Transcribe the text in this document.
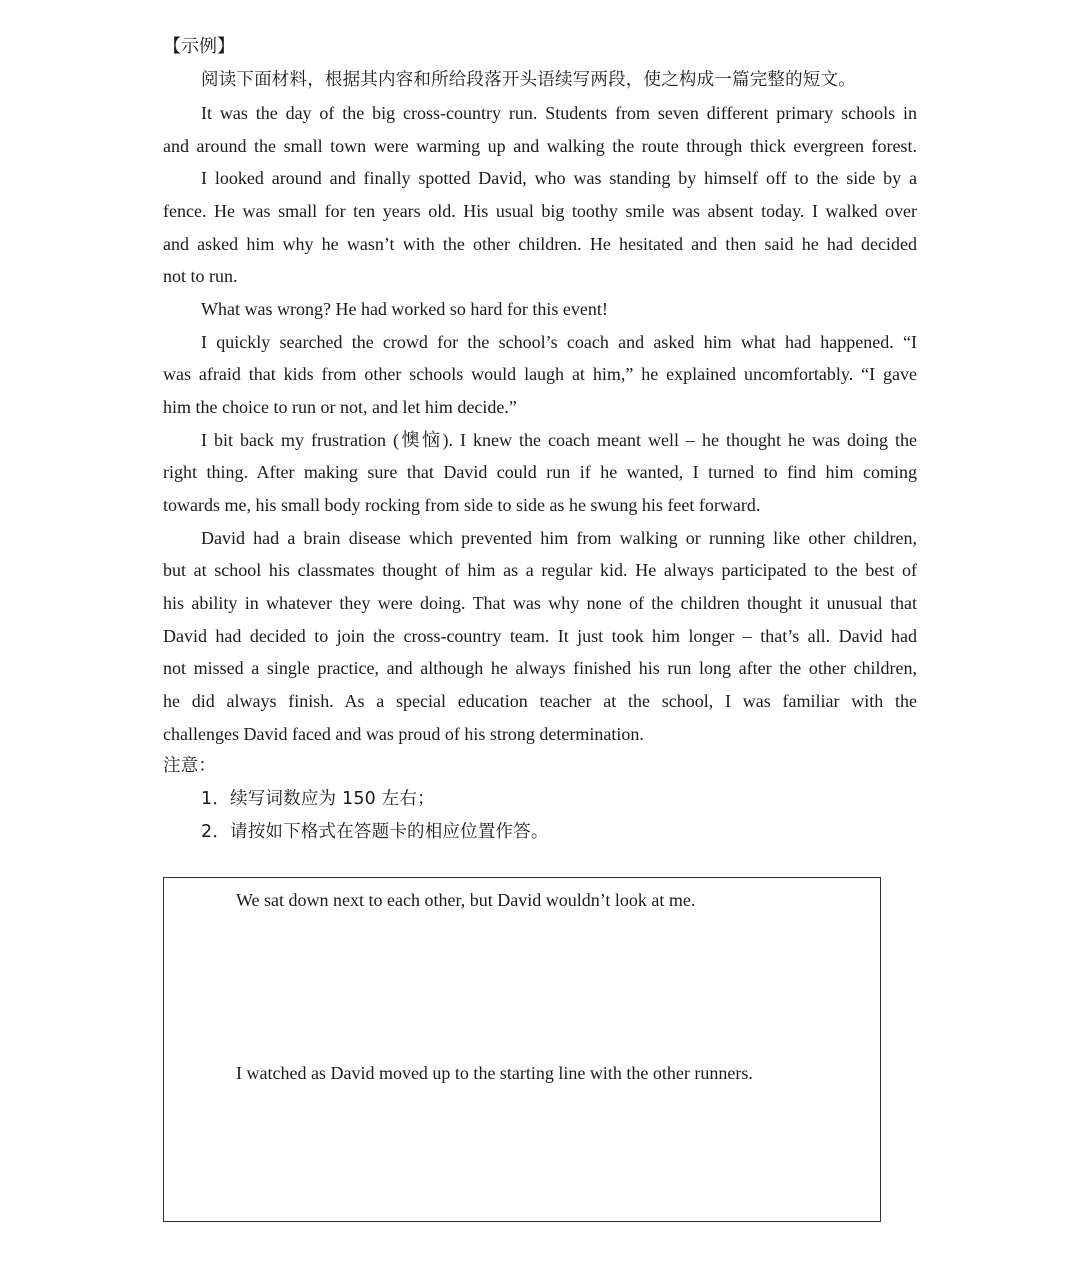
【示例】
阅读下面材料，根据其内容和所给段落开头语续写两段，使之构成一篇完整的短文。
It was the day of the big cross-country run. Students from seven different primary schools in
and around the small town were warming up and walking the route through thick evergreen forest.
I looked around and finally spotted David, who was standing by himself off to the side by a
fence. He was small for ten years old. His usual big toothy smile was absent today. I walked over
and asked him why he wasn’t with the other children. He hesitated and then said he had decided
not to run.
What was wrong? He had worked so hard for this event!
I quickly searched the crowd for the school’s coach and asked him what had happened. “I
was afraid that kids from other schools would laugh at him,” he explained uncomfortably. “I gave
him the choice to run or not, and let him decide.”
I bit back my frustration (懊恼). I knew the coach meant well – he thought he was doing the
right thing. After making sure that David could run if he wanted, I turned to find him coming
towards me, his small body rocking from side to side as he swung his feet forward.
David had a brain disease which prevented him from walking or running like other children,
but at school his classmates thought of him as a regular kid. He always participated to the best of
his ability in whatever they were doing. That was why none of the children thought it unusual that
David had decided to join the cross-country team. It just took him longer – that’s all. David had
not missed a single practice, and although he always finished his run long after the other children,
he did always finish. As a special education teacher at the school, I was familiar with the
challenges David faced and was proud of his strong determination.
注意：
1．续写词数应为 150 左右；
2．请按如下格式在答题卡的相应位置作答。
We sat down next to each other, but David wouldn’t look at me.
I watched as David moved up to the starting line with the other runners.
